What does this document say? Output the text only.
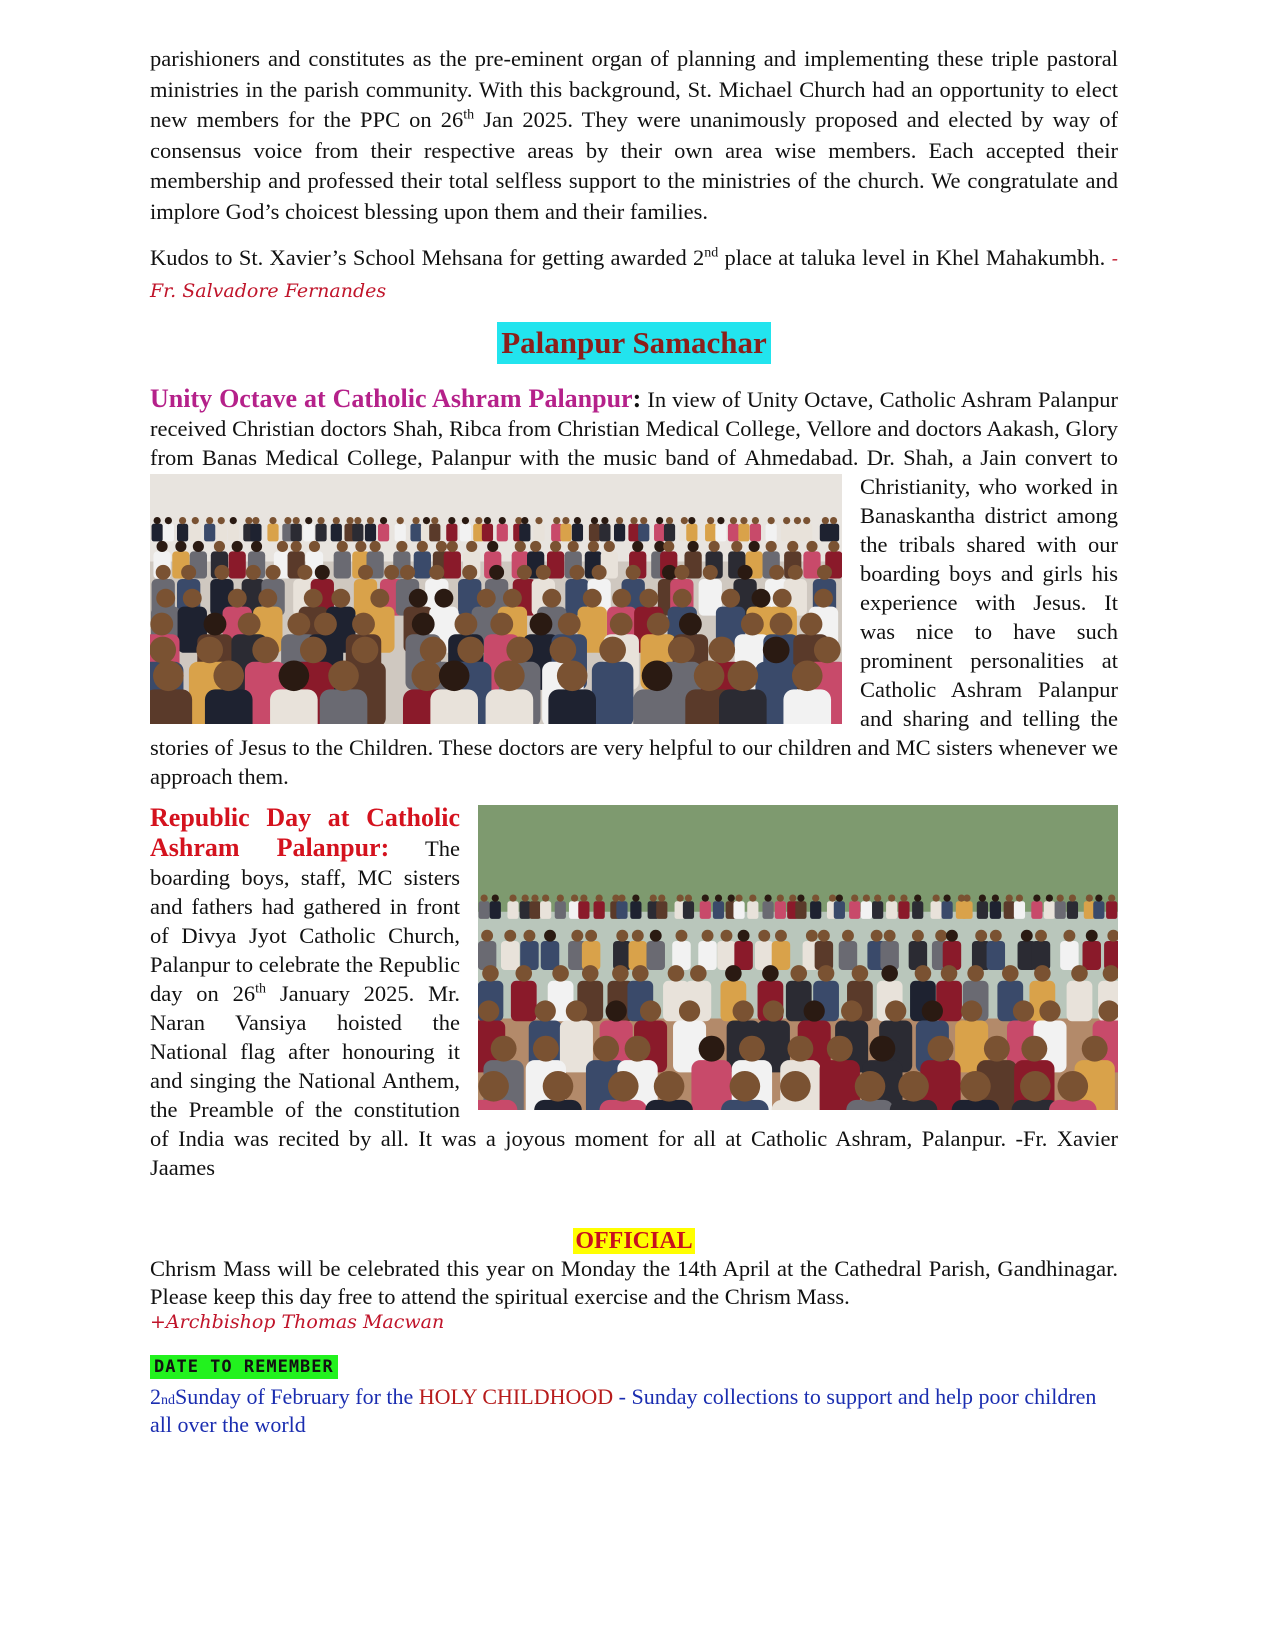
parishioners and constitutes as the pre-eminent organ of planning and implementing these triple pastoral ministries in the parish community. With this background, St. Michael Church had an opportunity to elect new members for the PPC on 26th Jan 2025. They were unanimously proposed and elected by way of consensus voice from their respective areas by their own area wise members. Each accepted their membership and professed their total selfless support to the ministries of the church. We congratulate and implore God’s choicest blessing upon them and their families.

Kudos to St. Xavier’s School Mehsana for getting awarded 2nd place at taluka level in Khel Mahakumbh. -Fr. Salvadore Fernandes

Palanpur Samachar

Unity Octave at Catholic Ashram Palanpur: In view of Unity Octave, Catholic Ashram Palanpur received Christian doctors Shah, Ribca from Christian Medical College, Vellore and doctors Aakash, Glory from Banas Medical College, Palanpur with the music band of
Ahmedabad. Dr. Shah, a Jain convert to Christianity, who worked in Banaskantha district among the tribals shared with our boarding boys and girls his experience with Jesus. It was nice to have such prominent personalities at Catholic Ashram Palanpur and sharing and telling the stories of Jesus to the Children. These doctors are very helpful to our children and MC sisters whenever we approach them.

Republic Day at Catholic Ashram Palanpur: The boarding boys, staff, MC sisters and fathers had gathered in front of Divya Jyot Catholic Church, Palanpur to celebrate the Republic day on 26th January 2025. Mr. Naran Vansiya hoisted the National flag after honouring it and singing the National Anthem, the Preamble of the constitution of India was recited by all. It was a joyous moment for all at Catholic Ashram, Palanpur. -Fr. Xavier Jaames

OFFICIAL

Chrism Mass will be celebrated this year on Monday the 14th April at the Cathedral Parish, Gandhinagar. Please keep this day free to attend the spiritual exercise and the Chrism Mass.

+Archbishop Thomas Macwan
DATE TO REMEMBER
2ndSunday of February for the HOLY CHILDHOOD - Sunday collections to support and help poor children all over the world
